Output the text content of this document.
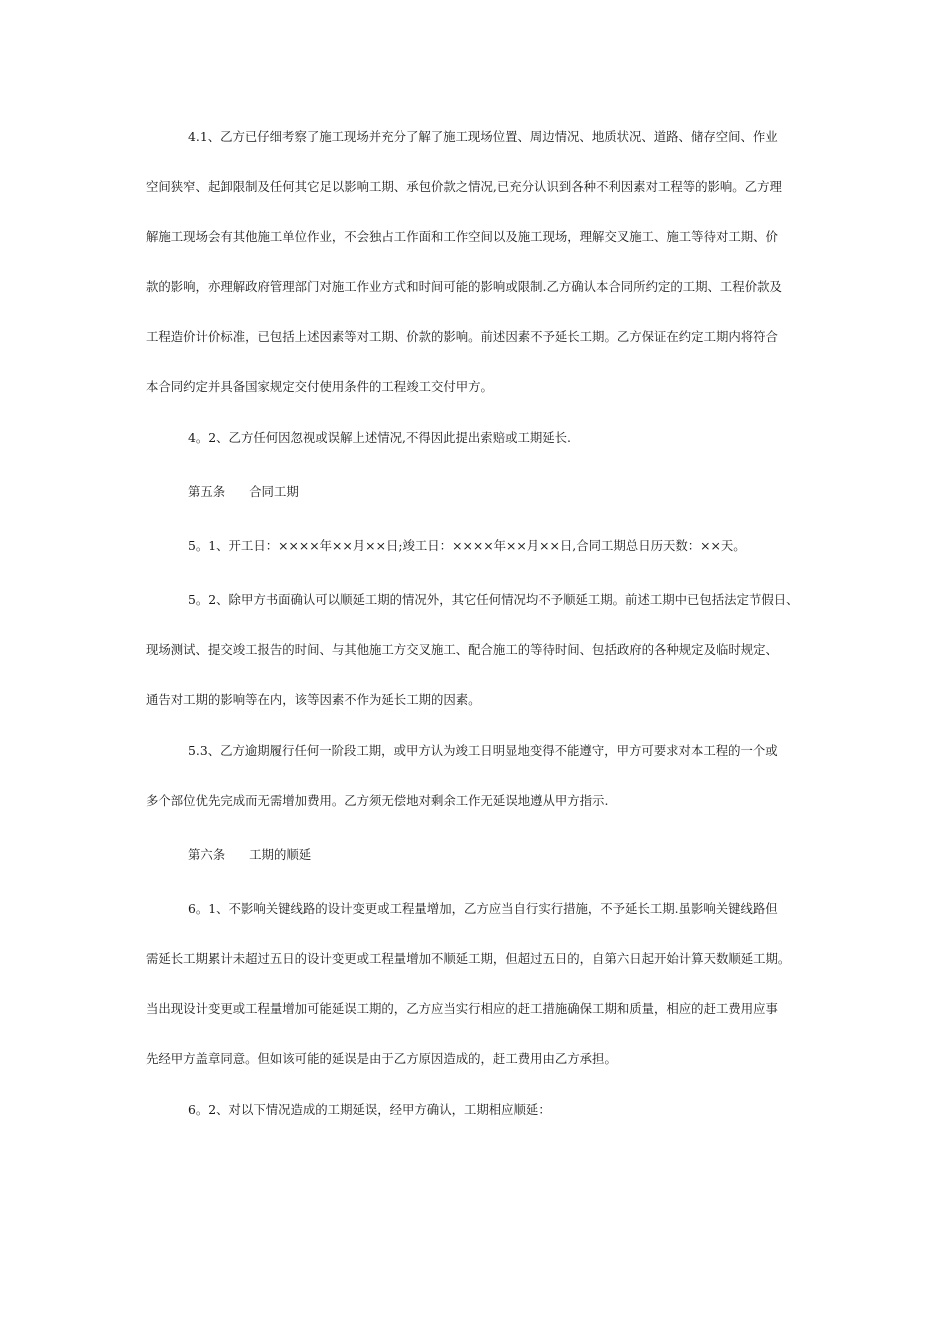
4.1、乙方已仔细考察了施工现场并充分了解了施工现场位置、周边情况、地质状况、道路、储存空间、作业
空间狭窄、起卸限制及任何其它足以影响工期、承包价款之情况,已充分认识到各种不利因素对工程等的影响。乙方理
解施工现场会有其他施工单位作业，不会独占工作面和工作空间以及施工现场，理解交叉施工、施工等待对工期、价
款的影响，亦理解政府管理部门对施工作业方式和时间可能的影响或限制.乙方确认本合同所约定的工期、工程价款及
工程造价计价标准，已包括上述因素等对工期、价款的影响。前述因素不予延长工期。乙方保证在约定工期内将符合
本合同约定并具备国家规定交付使用条件的工程竣工交付甲方。
4。2、乙方任何因忽视或误解上述情况,不得因此提出索赔或工期延长.
第五条 合同工期
5。1、开工日：××××年××月××日;竣工日：××××年××月××日,合同工期总日历天数：××天。
5。2、除甲方书面确认可以顺延工期的情况外，其它任何情况均不予顺延工期。前述工期中已包括法定节假日、
现场测试、提交竣工报告的时间、与其他施工方交叉施工、配合施工的等待时间、包括政府的各种规定及临时规定、
通告对工期的影响等在内，该等因素不作为延长工期的因素。
5.3、乙方逾期履行任何一阶段工期，或甲方认为竣工日明显地变得不能遵守，甲方可要求对本工程的一个或
多个部位优先完成而无需增加费用。乙方须无偿地对剩余工作无延误地遵从甲方指示.
第六条 工期的顺延
6。1、不影响关键线路的设计变更或工程量增加，乙方应当自行实行措施，不予延长工期.虽影响关键线路但
需延长工期累计未超过五日的设计变更或工程量增加不顺延工期，但超过五日的，自第六日起开始计算天数顺延工期。
当出现设计变更或工程量增加可能延误工期的，乙方应当实行相应的赶工措施确保工期和质量，相应的赶工费用应事
先经甲方盖章同意。但如该可能的延误是由于乙方原因造成的，赶工费用由乙方承担。
6。2、对以下情况造成的工期延误，经甲方确认，工期相应顺延：
